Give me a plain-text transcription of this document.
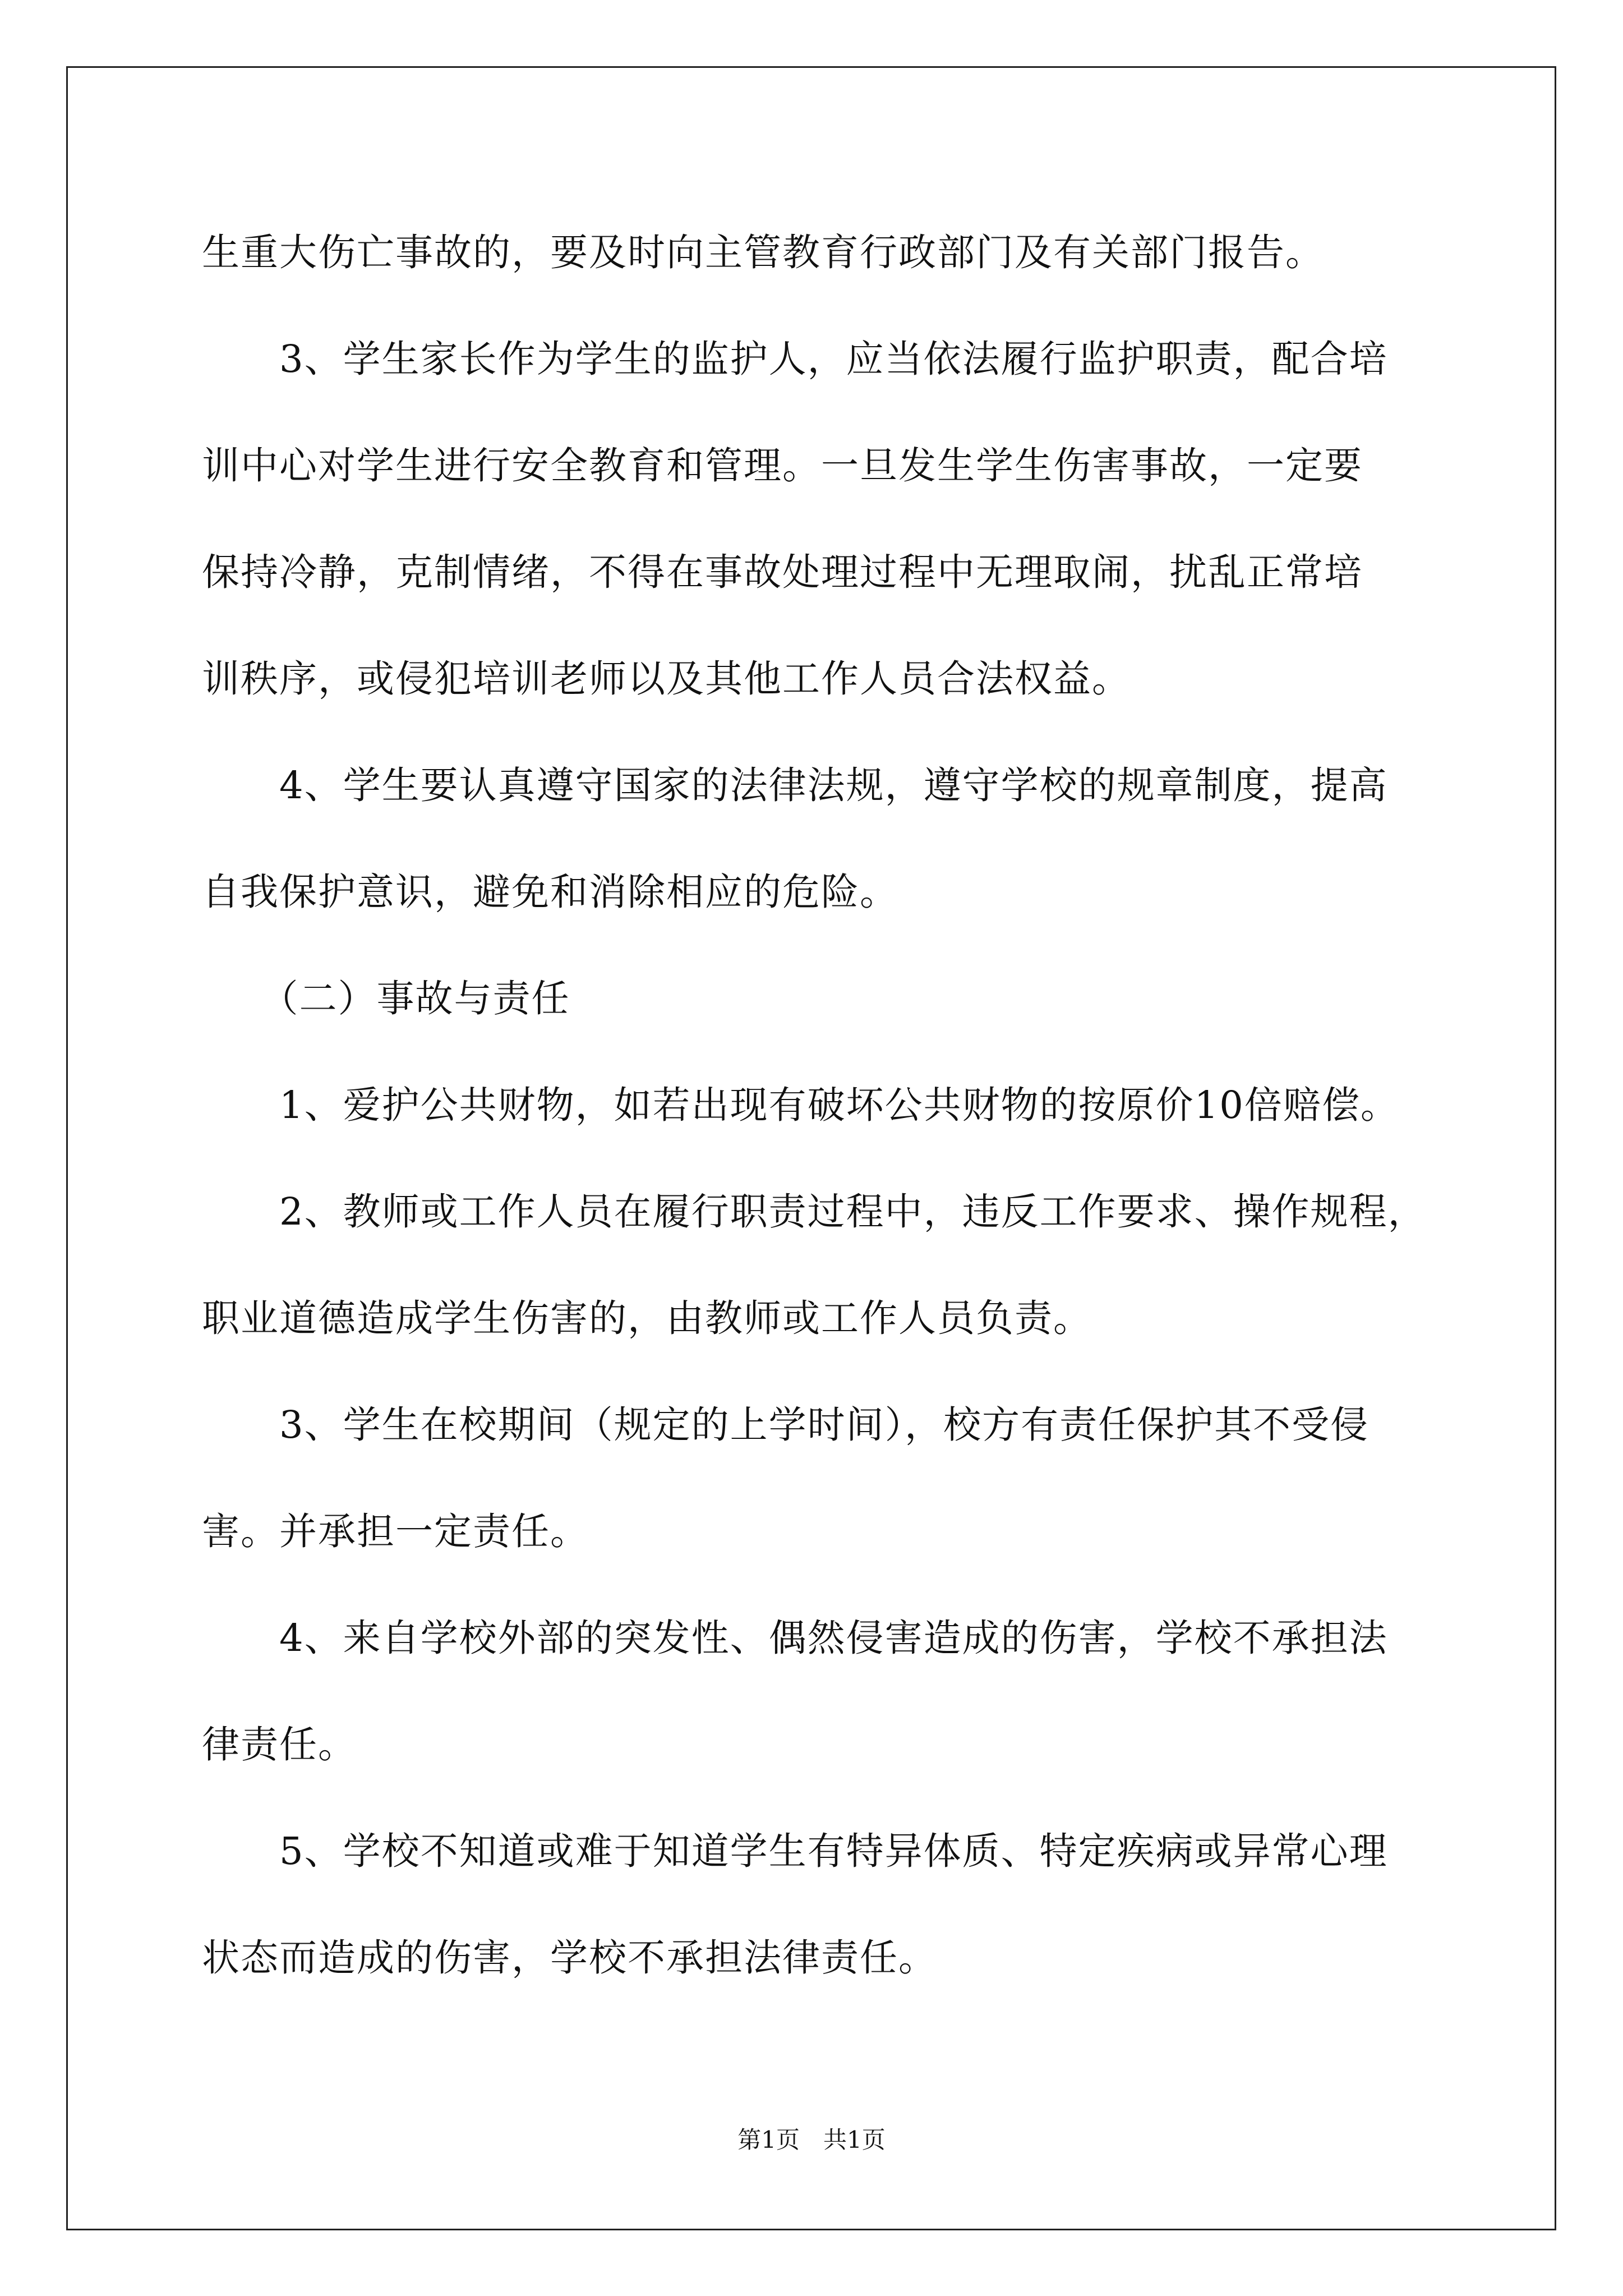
生重大伤亡事故的，要及时向主管教育行政部门及有关部门报告。
　　3、学生家长作为学生的监护人，应当依法履行监护职责，配合培
训中心对学生进行安全教育和管理。一旦发生学生伤害事故，一定要
保持冷静，克制情绪，不得在事故处理过程中无理取闹，扰乱正常培
训秩序，或侵犯培训老师以及其他工作人员合法权益。
　　4、学生要认真遵守国家的法律法规，遵守学校的规章制度，提高
自我保护意识，避免和消除相应的危险。
　　（二）事故与责任
　　1、爱护公共财物，如若出现有破坏公共财物的按原价10倍赔偿。
　　2、教师或工作人员在履行职责过程中，违反工作要求、操作规程，
职业道德造成学生伤害的，由教师或工作人员负责。
　　3、学生在校期间（规定的上学时间），校方有责任保护其不受侵
害。并承担一定责任。
　　4、来自学校外部的突发性、偶然侵害造成的伤害，学校不承担法
律责任。
　　5、学校不知道或难于知道学生有特异体质、特定疾病或异常心理
状态而造成的伤害，学校不承担法律责任。
第1页　共1页
